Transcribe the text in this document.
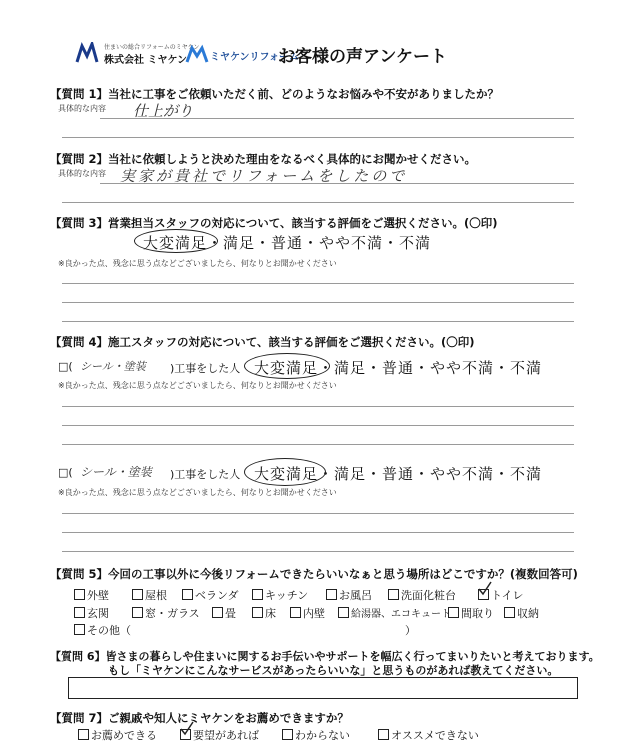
住まいの総合リフォームのミヤケン
株式会社 ミヤケン ミヤケンリフォーム
お客様の声アンケート
【質問 1】当社に工事をご依頼いただく前、どのようなお悩みや不安がありましたか？
具体的な内容 仕上がり
【質問 2】当社に依頼しようと決めた理由をなるべく具体的にお聞かせください。
具体的な内容 実家が貴社でリフォームをしたので
【質問 3】営業担当スタッフの対応について、該当する評価をご選択ください。(〇印)
大変満足・満足・普通・やや不満・不満
※良かった点、残念に思う点などございましたら、何なりとお聞かせください
【質問 4】施工スタッフの対応について、該当する評価をご選択ください。(〇印)
□( シール・塗装 )工事をした人 大変満足・満足・普通・やや不満・不満
※良かった点、残念に思う点などございましたら、何なりとお聞かせください
□( シール・塗装 )工事をした人 大変満足・満足・普通・やや不満・不満
※良かった点、残念に思う点などございましたら、何なりとお聞かせください
【質問 5】今回の工事以外に今後リフォームできたらいいなぁと思う場所はどこですか？(複数回答可)
外壁	屋根	ベランダ	キッチン	お風呂	洗面化粧台	トイレ
玄関	窓・ガラス	畳	床	内壁	給湯器、エコキュート 間取り	収納
その他（	）
【質問 6】皆さまの暮らしや住まいに関するお手伝いやサポートを幅広く行ってまいりたいと考えております。
もし「ミヤケンにこんなサービスがあったらいいな」と思うものがあれば教えてください。
【質問 7】ご親戚や知人にミヤケンをお薦めできますか？
お薦めできる	要望があれば	わからない	オススメできない
